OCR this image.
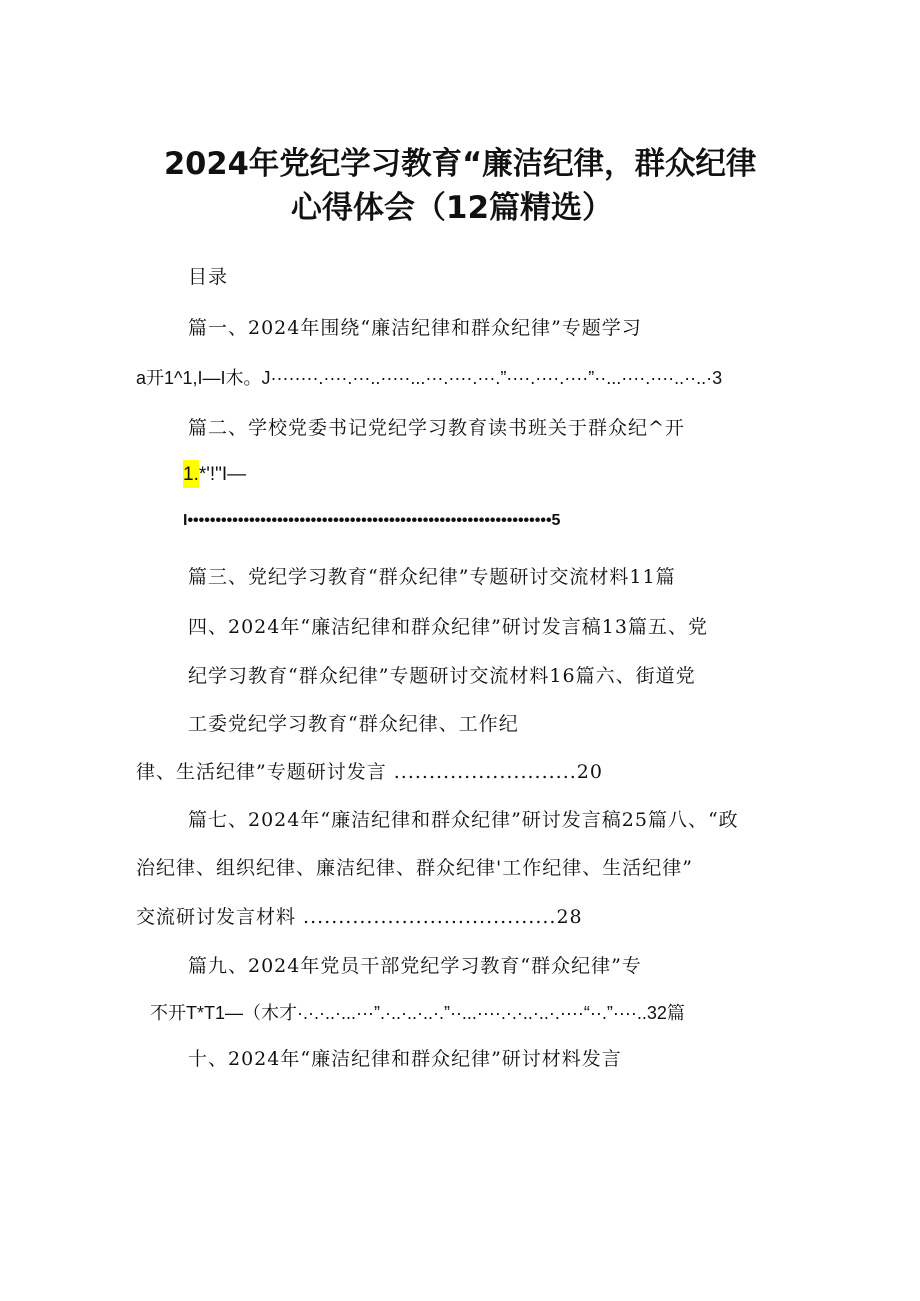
2024年党纪学习教育“廉洁纪律，群众纪律
心得体会（12篇精选）
目录
篇一、2024年围绕“廉洁纪律和群众纪律”专题学习
a开1^1,I—I木。J········.····.···..·····...···.····.···.”····.····.····”··...····.····..··..·3
篇二、学校党委书记党纪学习教育读书班关于群众纪^开
1.*'!"I—
I•••••••••••••••••••••••••••••••••••••••••••••••••••••••••••••••••5
篇三、党纪学习教育“群众纪律”专题研讨交流材料11篇
四、2024年“廉洁纪律和群众纪律”研讨发言稿13篇五、党
纪学习教育“群众纪律”专题研讨交流材料16篇六、街道党
工委党纪学习教育“群众纪律、工作纪
律、生活纪律”专题研讨发言 ..........................20
篇七、2024年“廉洁纪律和群众纪律”研讨发言稿25篇八、“政
治纪律、组织纪律、廉洁纪律、群众纪律'工作纪律、生活纪律”
交流研讨发言材料 ....................................28
篇九、2024年党员干部党纪学习教育“群众纪律”专
不开T*T1—（木才·.·.·..·...···”.·..·..·..·.”··...····.·.·..·..·.····“··.”····..32篇
十、2024年“廉洁纪律和群众纪律”研讨材料发言
